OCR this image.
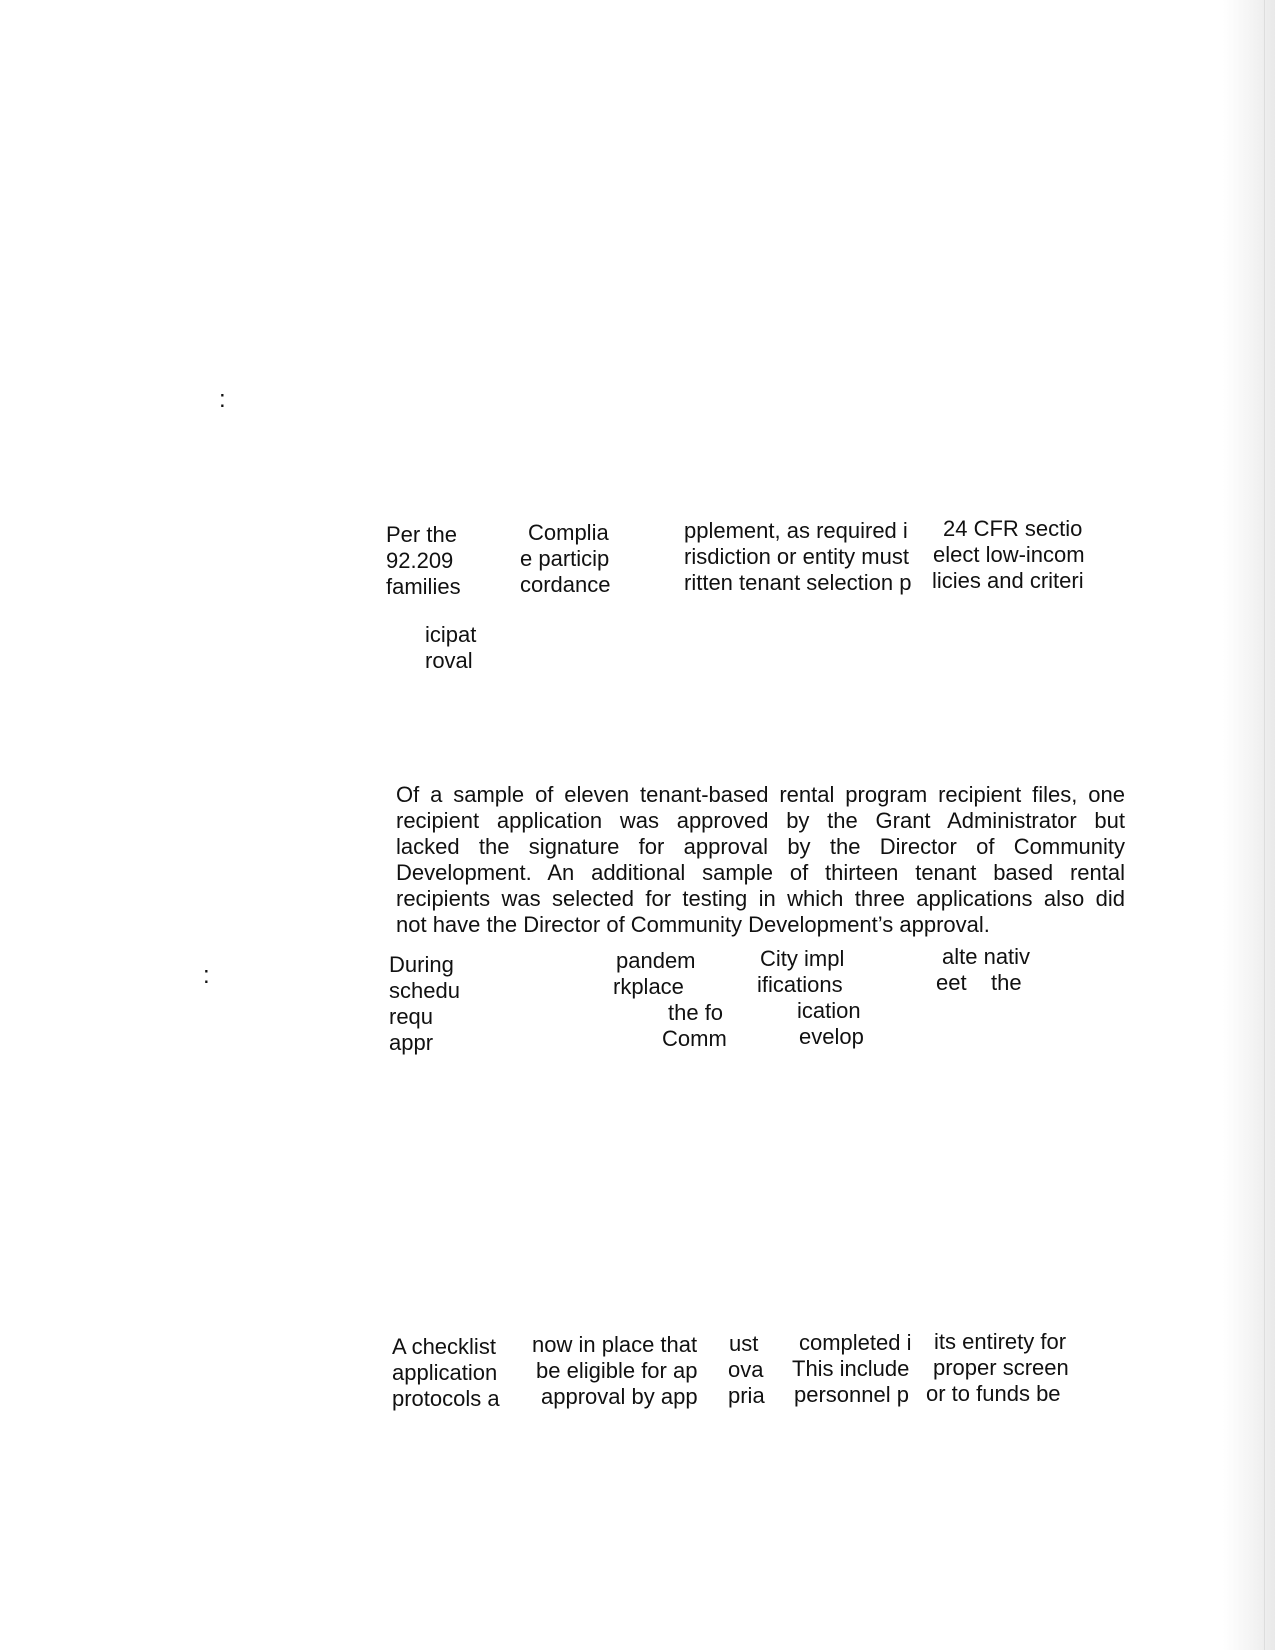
:
:
Per the
92.209
families
Complia
e particip
cordance
pplement, as required i
risdiction or entity must
ritten tenant selection p
24 CFR sectio
elect low-incom
licies and criteri
icipat
roval
Of a sample of eleven tenant-based rental program recipient files, one
recipient application was approved by the Grant Administrator but
lacked the signature for approval by the Director of Community
Development. An additional sample of thirteen tenant based rental
recipients was selected for testing in which three applications also did
not have the Director of Community Development’s approval.
During
schedu
requ
appr
pandem
rkplace
the fo
Comm
City impl
ifications
ication
evelop
alte nativ
eet    the
A checklist
application
protocols a
now in place that
be eligible for ap
approval by app
ust
ova
pria
completed i
This include
personnel p
its entirety for
proper screen
or to funds be
